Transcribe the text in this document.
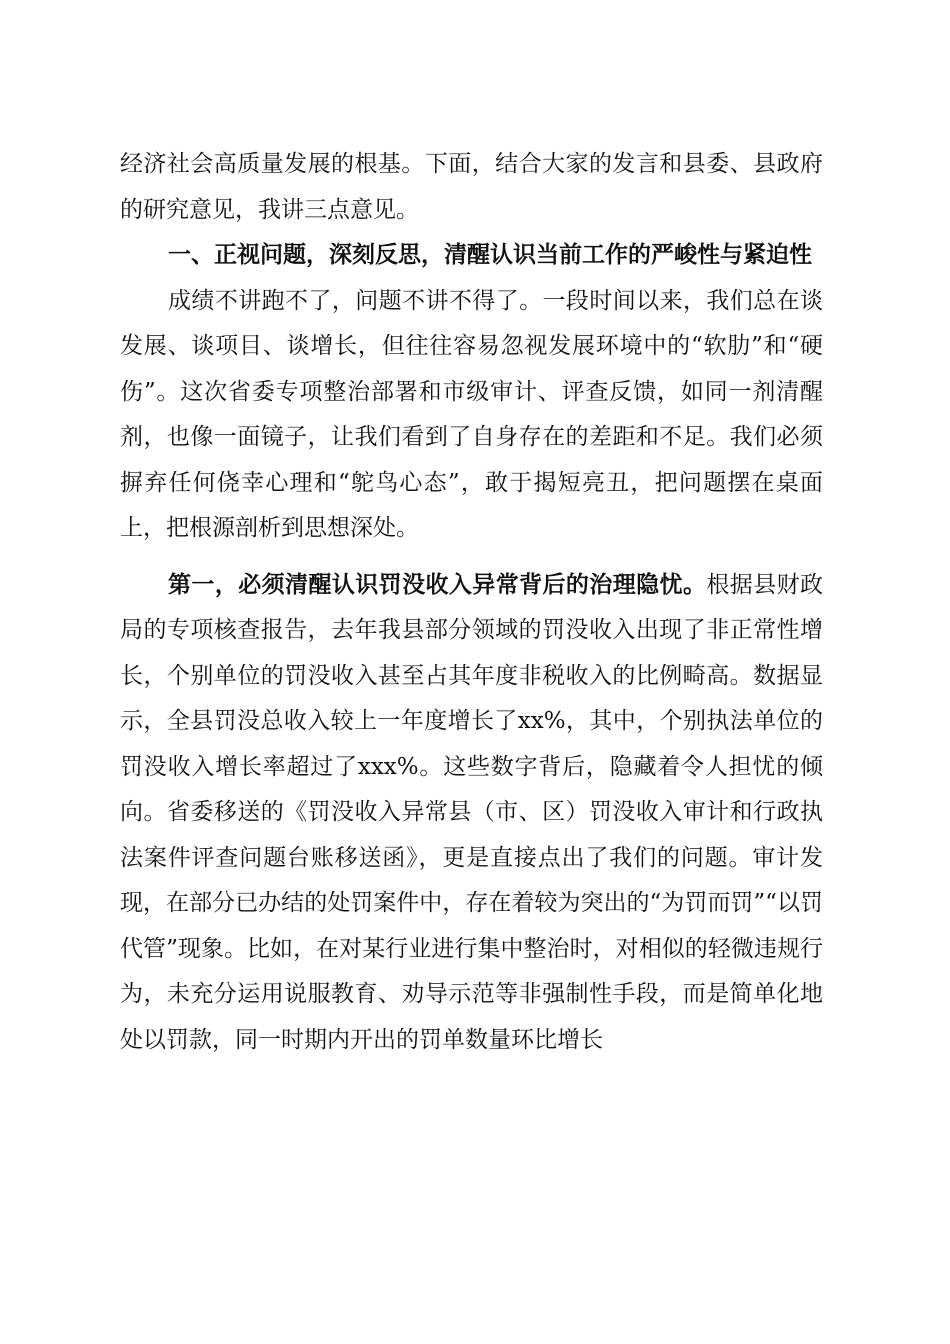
经济社会高质量发展的根基。下面，结合大家的发言和县委、县政府的研究意见，我讲三点意见。

一、正视问题，深刻反思，清醒认识当前工作的严峻性与紧迫性

成绩不讲跑不了，问题不讲不得了。一段时间以来，我们总在谈发展、谈项目、谈增长，但往往容易忽视发展环境中的“软肋”和“硬伤”。这次省委专项整治部署和市级审计、评查反馈，如同一剂清醒剂，也像一面镜子，让我们看到了自身存在的差距和不足。我们必须摒弃任何侥幸心理和“鸵鸟心态”，敢于揭短亮丑，把问题摆在桌面上，把根源剖析到思想深处。

第一，必须清醒认识罚没收入异常背后的治理隐忧。根据县财政局的专项核查报告，去年我县部分领域的罚没收入出现了非正常性增长，个别单位的罚没收入甚至占其年度非税收入的比例畸高。数据显示，全县罚没总收入较上一年度增长了xx%，其中，个别执法单位的罚没收入增长率超过了xxx%。这些数字背后，隐藏着令人担忧的倾向。省委移送的《罚没收入异常县（市、区）罚没收入审计和行政执法案件评查问题台账移送函》，更是直接点出了我们的问题。审计发现，在部分已办结的处罚案件中，存在着较为突出的“为罚而罚”“以罚代管”现象。比如，在对某行业进行集中整治时，对相似的轻微违规行为，未充分运用说服教育、劝导示范等非强制性手段，而是简单化地处以罚款，同一时期内开出的罚单数量环比增长
